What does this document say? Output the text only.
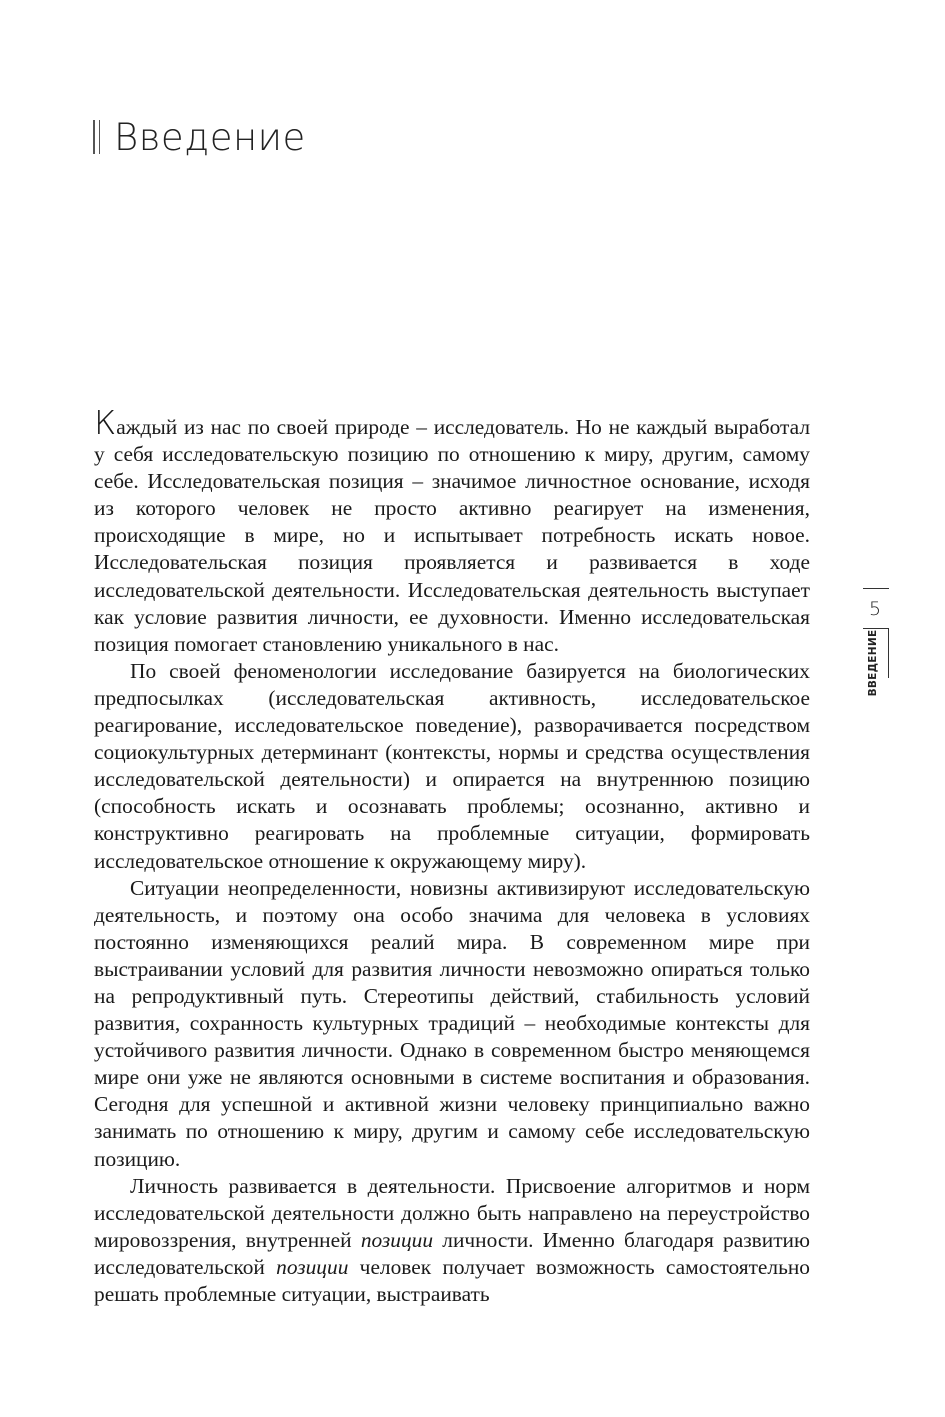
Введение

Каждый из нас по своей природе – исследователь. Но не каждый выработал у себя исследовательскую позицию по отношению к миру, другим, самому себе. Исследовательская позиция – значимое личностное основание, исходя из которого человек не просто активно реагирует на изменения, происходящие в мире, но и испытывает потребность искать новое. Исследовательская позиция проявляется и развивается в ходе исследовательской деятельности. Исследовательская деятельность выступает как условие развития личности, ее духовности. Именно исследовательская позиция помогает становлению уникального в нас.

По своей феноменологии исследование базируется на биологических предпосылках (исследовательская активность, исследовательское реагирование, исследовательское поведение), разворачивается посредством социокультурных детерминант (контексты, нормы и средства осуществления исследовательской деятельности) и опирается на внутреннюю позицию (способность искать и осознавать проблемы; осознанно, активно и конструктивно реагировать на проблемные ситуации, формировать исследовательское отношение к окружающему миру).

Ситуации неопределенности, новизны активизируют исследовательскую деятельность, и поэтому она особо значима для человека в условиях постоянно изменяющихся реалий мира. В современном мире при выстраивании условий для развития личности невозможно опираться только на репродуктивный путь. Стереотипы действий, стабильность условий развития, сохранность культурных традиций – необходимые контексты для устойчивого развития личности. Однако в современном быстро меняющемся мире они уже не являются основными в системе воспитания и образования. Сегодня для успешной и активной жизни человеку принципиально важно занимать по отношению к миру, другим и самому себе исследовательскую позицию.

Личность развивается в деятельности. Присвоение алгоритмов и норм исследовательской деятельности должно быть направлено на переустройство мировоззрения, внутренней позиции личности. Именно благодаря развитию исследовательской позиции человек получает возможность самостоятельно решать проблемные ситуации, выстраивать

5
ВВЕДЕНИЕ
